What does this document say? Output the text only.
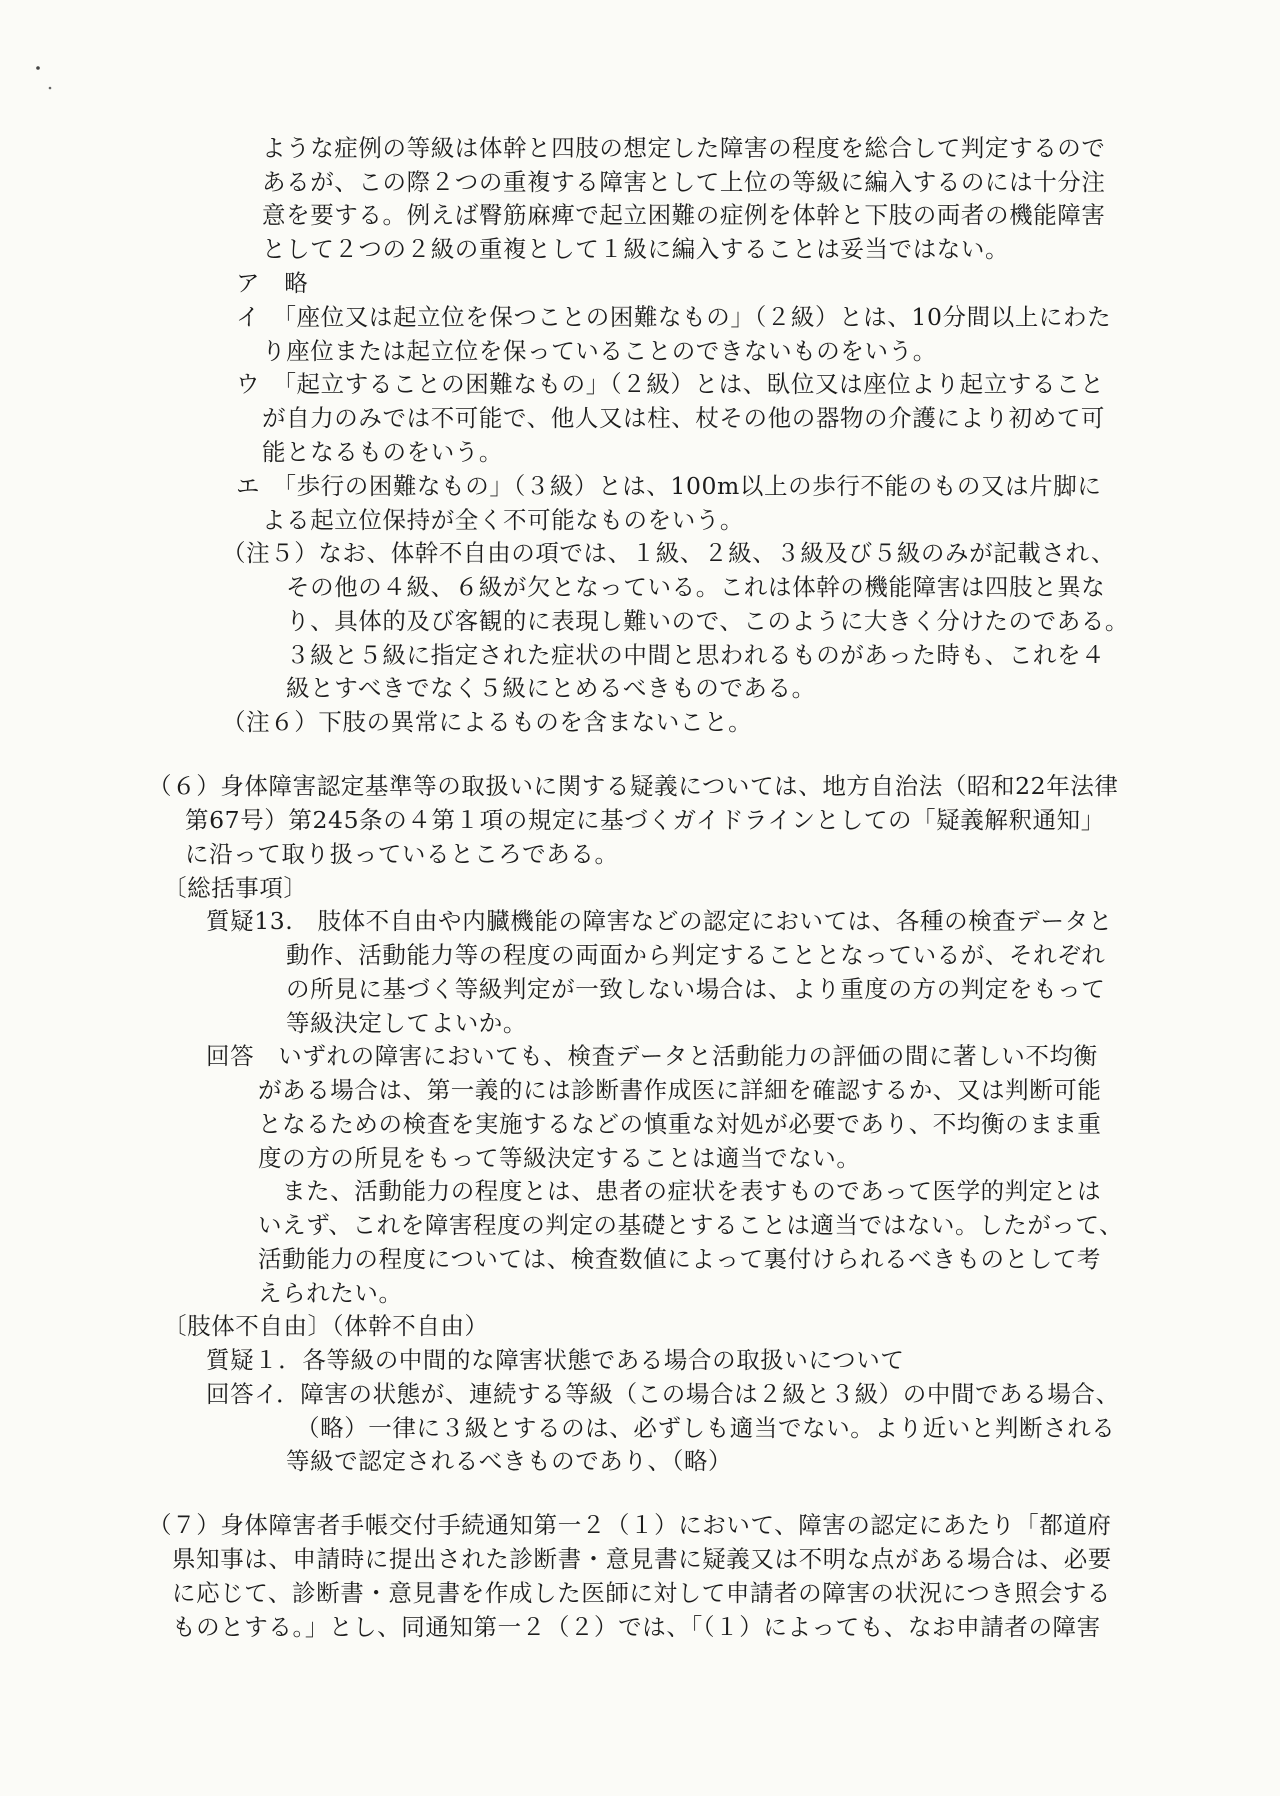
ような症例の等級は体幹と四肢の想定した障害の程度を総合して判定するので
あるが、この際２つの重複する障害として上位の等級に編入するのには十分注
意を要する。例えば臀筋麻痺で起立困難の症例を体幹と下肢の両者の機能障害
として２つの２級の重複として１級に編入することは妥当ではない。
ア　略
イ　「座位又は起立位を保つことの困難なもの」（２級）とは、10分間以上にわた
り座位または起立位を保っていることのできないものをいう。
ウ　「起立することの困難なもの」（２級）とは、臥位又は座位より起立すること
が自力のみでは不可能で、他人又は柱、杖その他の器物の介護により初めて可
能となるものをいう。
エ　「歩行の困難なもの」（３級）とは、100m以上の歩行不能のもの又は片脚に
よる起立位保持が全く不可能なものをいう。
（注５）なお、体幹不自由の項では、１級、２級、３級及び５級のみが記載され、
その他の４級、６級が欠となっている。これは体幹の機能障害は四肢と異な
り、具体的及び客観的に表現し難いので、このように大きく分けたのである。
３級と５級に指定された症状の中間と思われるものがあった時も、これを４
級とすべきでなく５級にとめるべきものである。
（注６）下肢の異常によるものを含まないこと。
（６）身体障害認定基準等の取扱いに関する疑義については、地方自治法（昭和22年法律
第67号）第245条の４第１項の規定に基づくガイドラインとしての「疑義解釈通知」
に沿って取り扱っているところである。
〔総括事項〕
質疑13.　肢体不自由や内臓機能の障害などの認定においては、各種の検査データと
動作、活動能力等の程度の両面から判定することとなっているが、それぞれ
の所見に基づく等級判定が一致しない場合は、より重度の方の判定をもって
等級決定してよいか。
回答　いずれの障害においても、検査データと活動能力の評価の間に著しい不均衡
がある場合は、第一義的には診断書作成医に詳細を確認するか、又は判断可能
となるための検査を実施するなどの慎重な対処が必要であり、不均衡のまま重
度の方の所見をもって等級決定することは適当でない。
また、活動能力の程度とは、患者の症状を表すものであって医学的判定とは
いえず、これを障害程度の判定の基礎とすることは適当ではない。したがって、
活動能力の程度については、検査数値によって裏付けられるべきものとして考
えられたい。
〔肢体不自由〕（体幹不自由）
質疑１．各等級の中間的な障害状態である場合の取扱いについて
回答イ．障害の状態が、連続する等級（この場合は２級と３級）の中間である場合、
（略）一律に３級とするのは、必ずしも適当でない。より近いと判断される
等級で認定されるべきものであり、（略）
（７）身体障害者手帳交付手続通知第一２（１）において、障害の認定にあたり「都道府
県知事は、申請時に提出された診断書・意見書に疑義又は不明な点がある場合は、必要
に応じて、診断書・意見書を作成した医師に対して申請者の障害の状況につき照会する
ものとする。」とし、同通知第一２（２）では、「（１）によっても、なお申請者の障害
